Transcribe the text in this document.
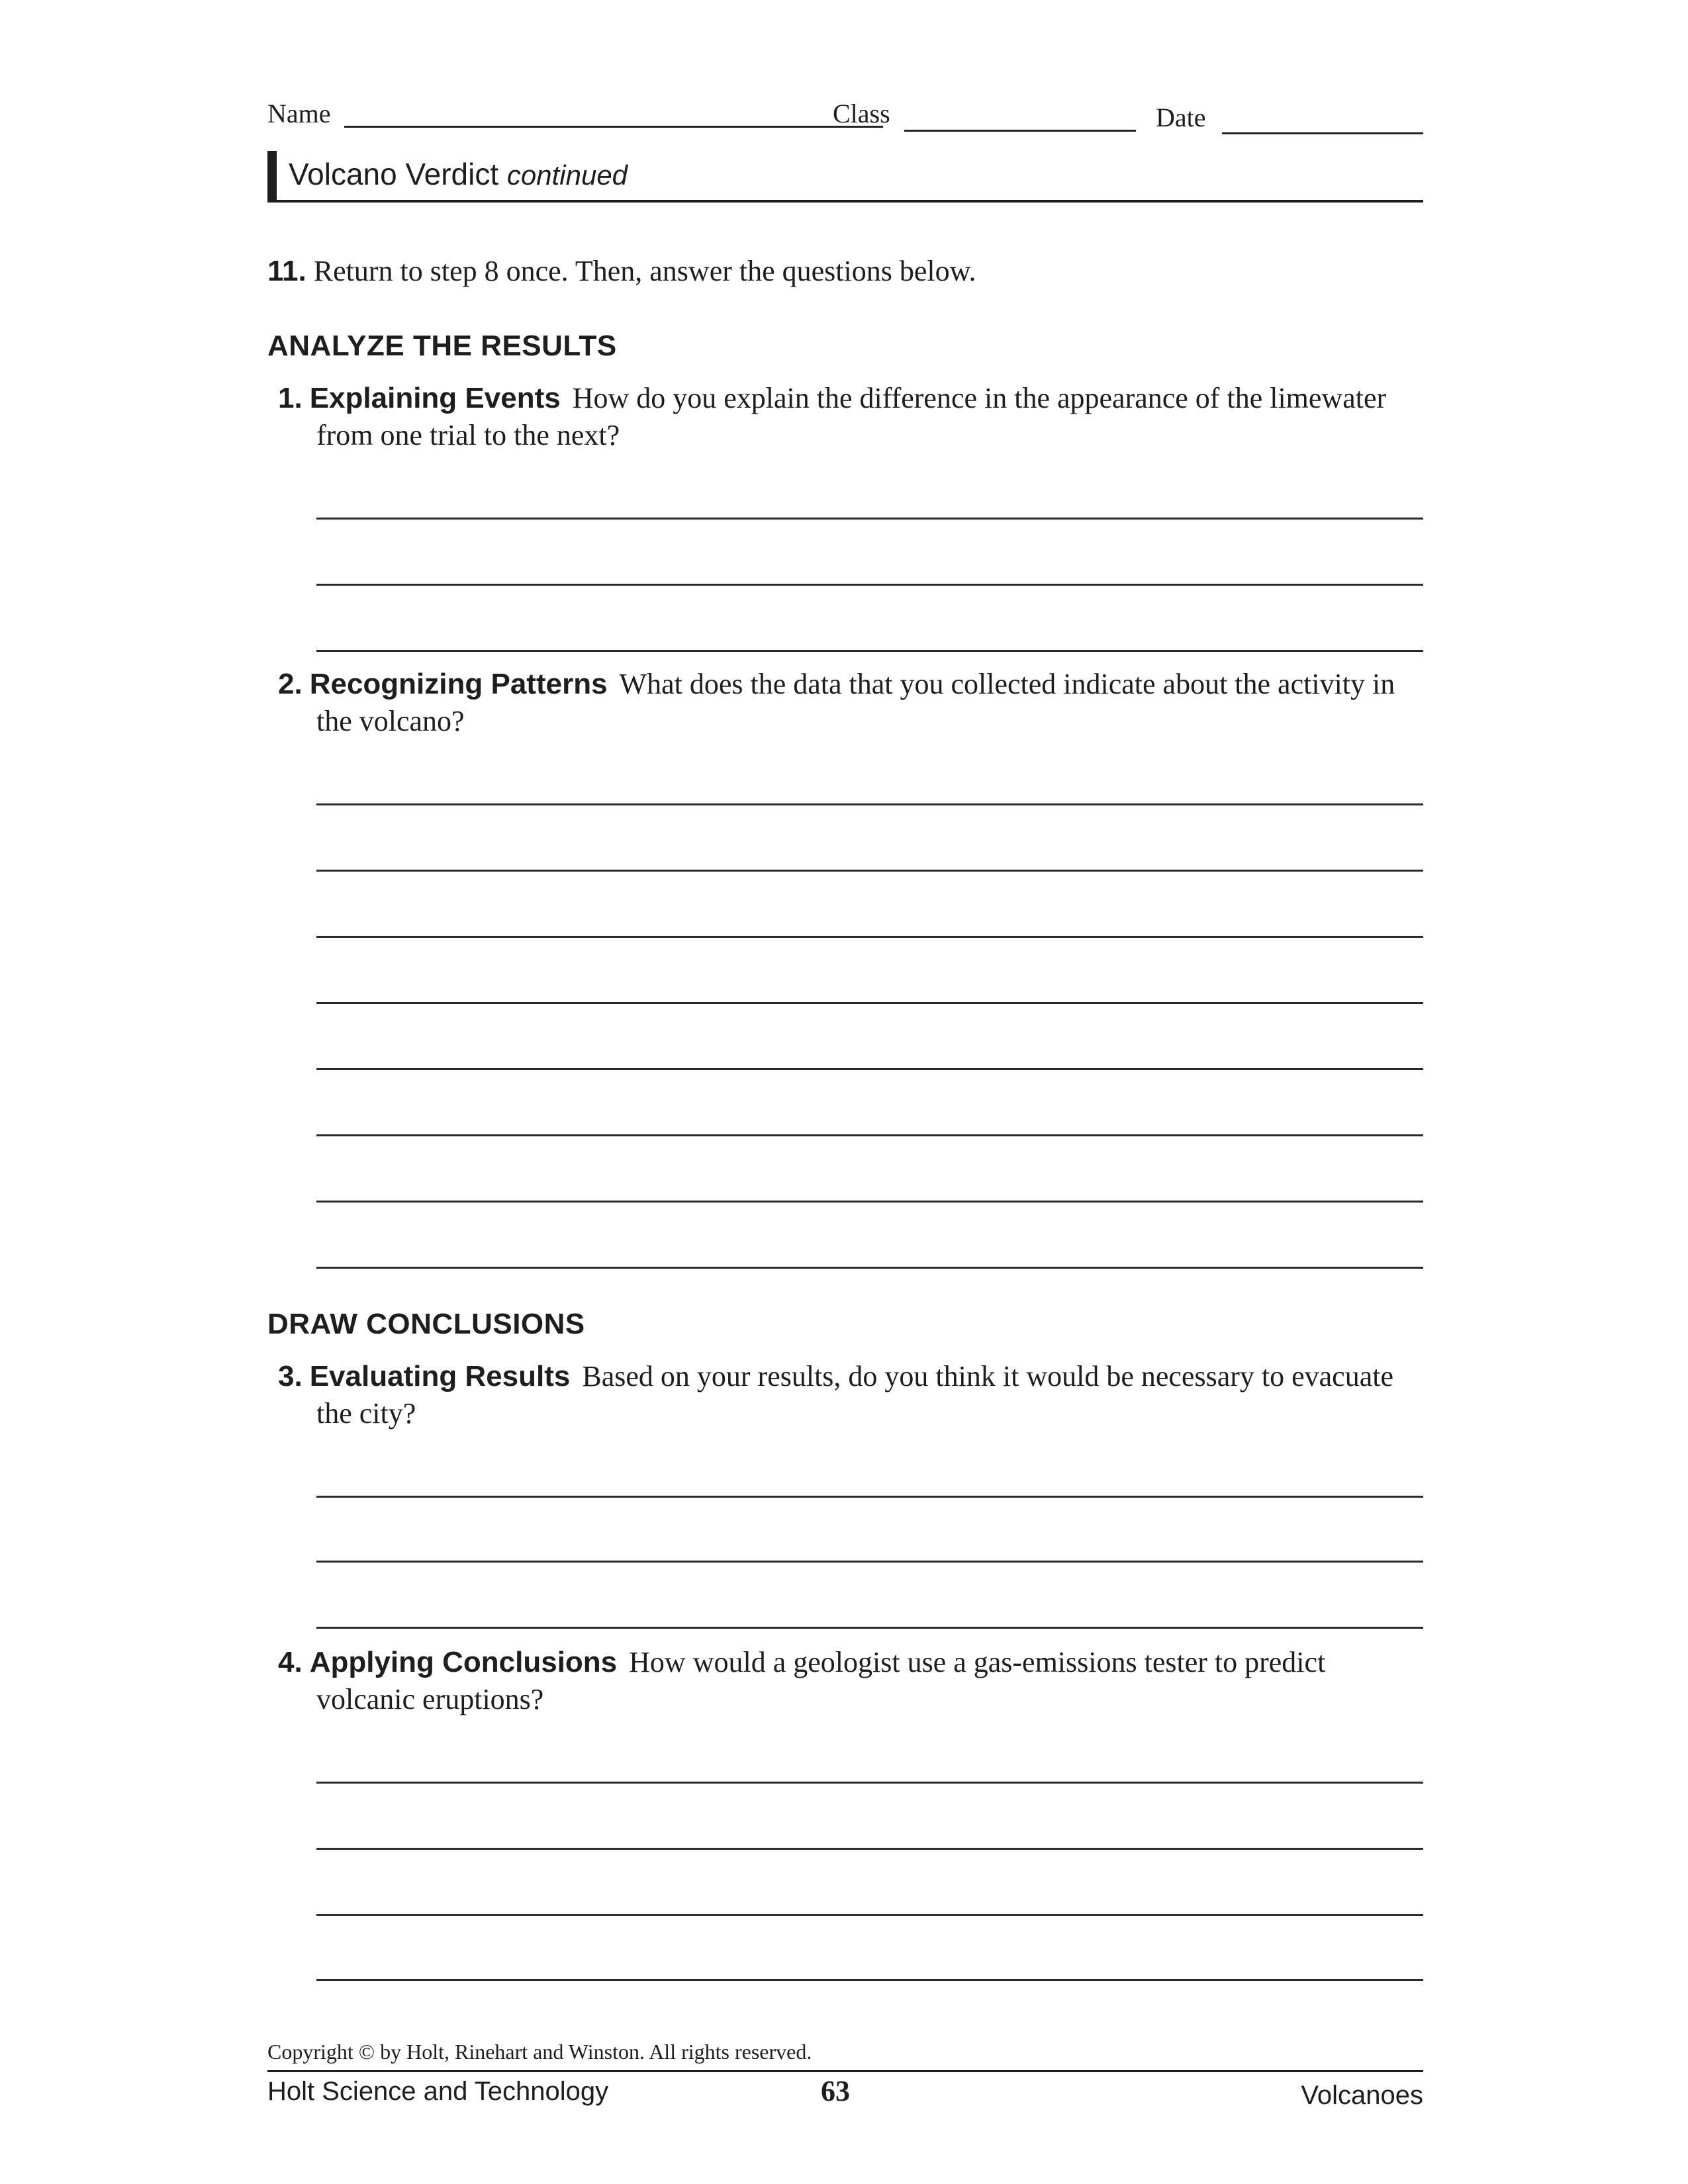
Name	Class	Date
Volcano Verdict continued
11. Return to step 8 once. Then, answer the questions below.
ANALYZE THE RESULTS
1. Explaining Events How do you explain the difference in the appearance of the limewater from one trial to the next?
2. Recognizing Patterns What does the data that you collected indicate about the activity in the volcano?
DRAW CONCLUSIONS
3. Evaluating Results Based on your results, do you think it would be necessary to evacuate the city?
4. Applying Conclusions How would a geologist use a gas-emissions tester to predict volcanic eruptions?
Copyright © by Holt, Rinehart and Winston. All rights reserved.
Holt Science and Technology	63	Volcanoes
